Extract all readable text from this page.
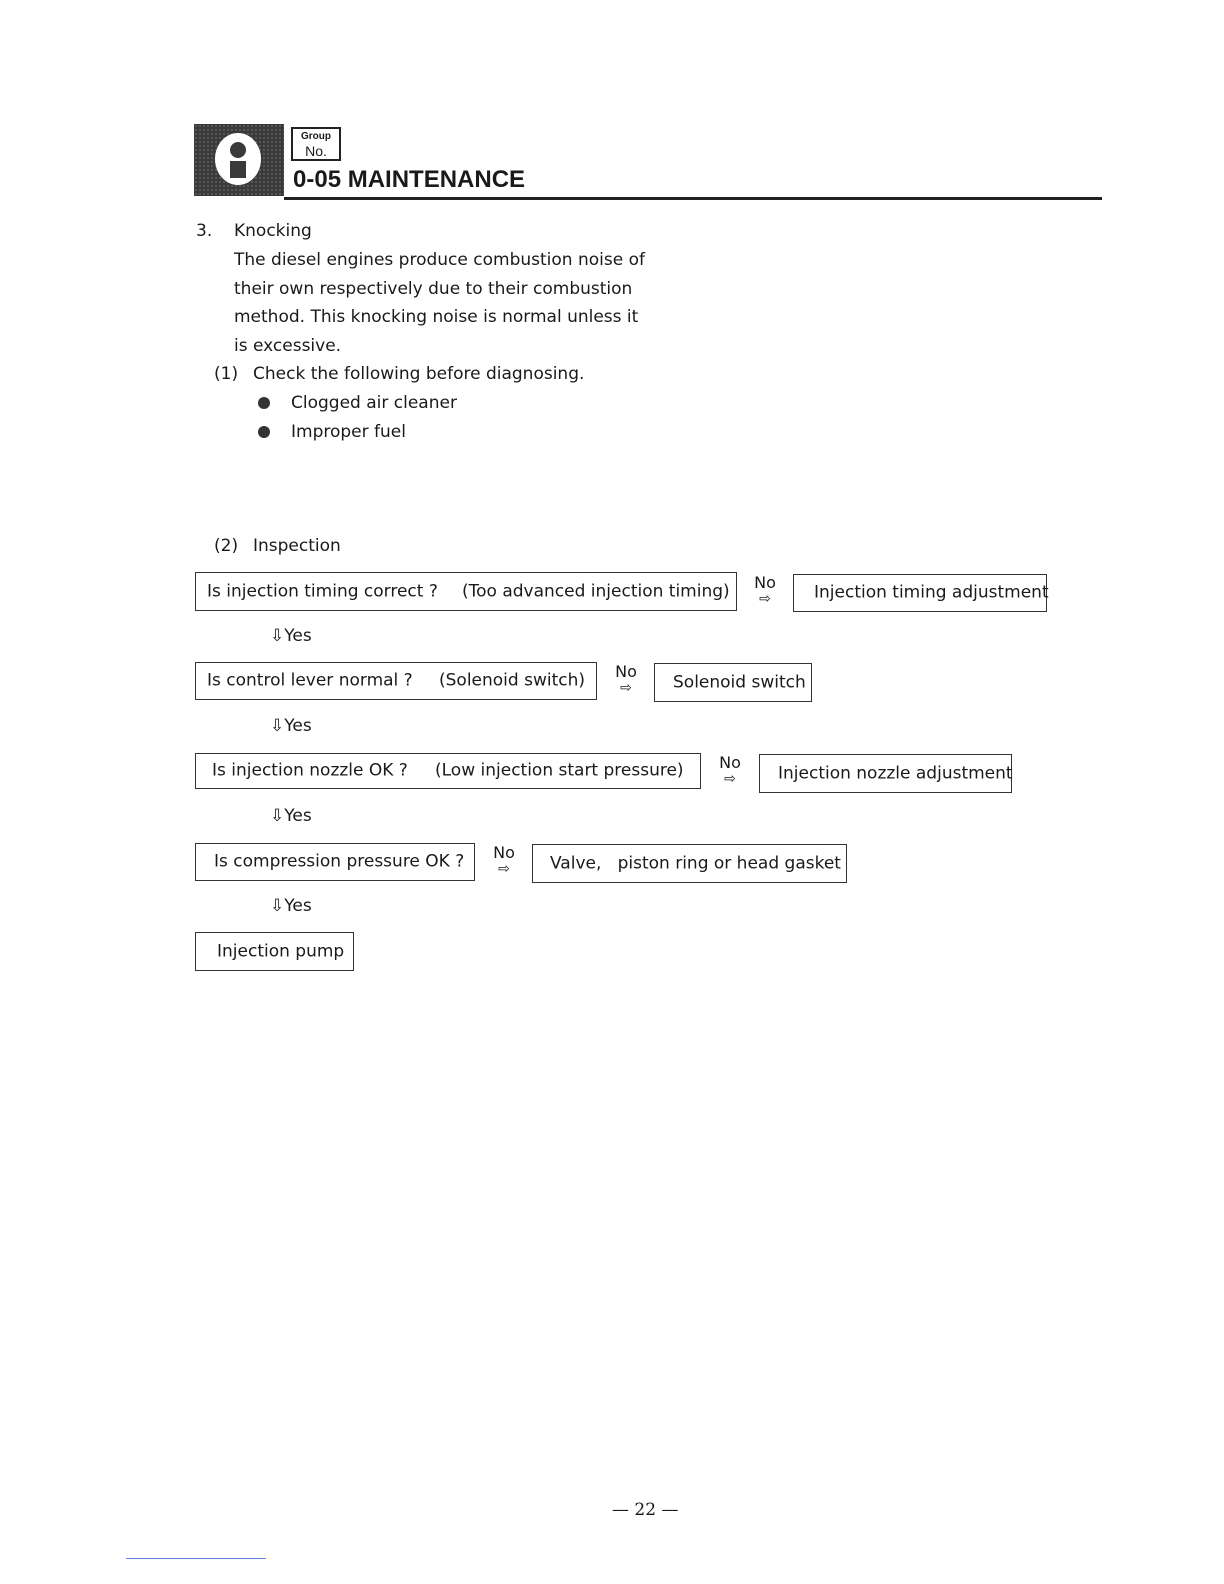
Group
No.
0-05 MAINTENANCE
3. Knocking
The diesel engines produce combustion noise of
their own respectively due to their combustion
method. This knocking noise is normal unless it
is excessive.
(1) Check the following before diagnosing.
Clogged air cleaner
Improper fuel
(2) Inspection
Is injection timing correct ? (Too advanced injection timing) No
⇨	Injection timing adjustment
⇩Yes
Is control lever normal ? (Solenoid switch) No
⇨	Solenoid switch
⇩Yes
Is injection nozzle OK ? (Low injection start pressure) No
⇨	Injection nozzle adjustment
⇩Yes
Is compression pressure OK ? No
⇨	Valve,   piston ring or head gasket
⇩Yes
Injection pump
— 22 —
